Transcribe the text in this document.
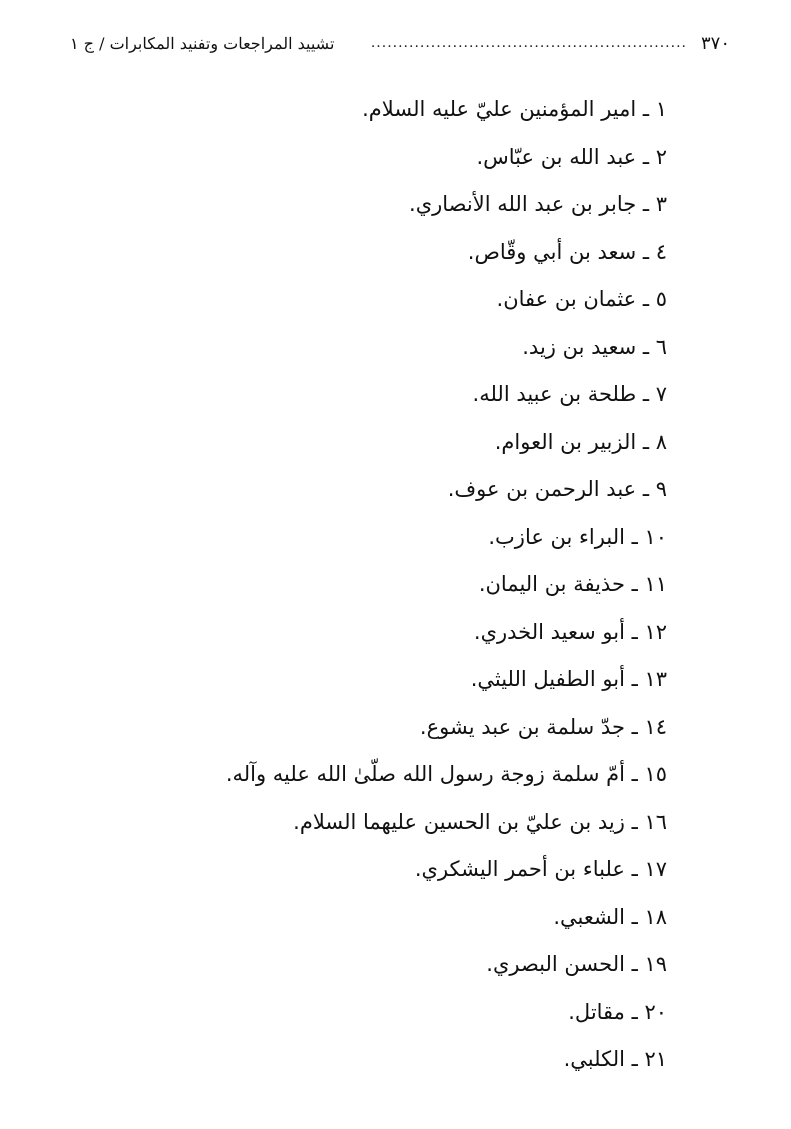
٣٧٠
..........................................................
تشييد المراجعات وتفنيد المكابرات / ج ١
١ ـ امير المؤمنين عليّ عليه السلام.
٢ ـ عبد الله بن عبّاس.
٣ ـ جابر بن عبد الله الأنصاري.
٤ ـ سعد بن أبي وقّاص.
٥ ـ عثمان بن عفان.
٦ ـ سعيد بن زيد.
٧ ـ طلحة بن عبيد الله.
٨ ـ الزبير بن العوام.
٩ ـ عبد الرحمن بن عوف.
١٠ ـ البراء بن عازب.
١١ ـ حذيفة بن اليمان.
١٢ ـ أبو سعيد الخدري.
١٣ ـ أبو الطفيل الليثي.
١٤ ـ جدّ سلمة بن عبد يشوع.
١٥ ـ أمّ سلمة زوجة رسول الله صلّىٰ الله عليه وآله.
١٦ ـ زيد بن عليّ بن الحسين عليهما السلام.
١٧ ـ علباء بن أحمر اليشكري.
١٨ ـ الشعبي.
١٩ ـ الحسن البصري.
٢٠ ـ مقاتل.
٢١ ـ الكلبي.
